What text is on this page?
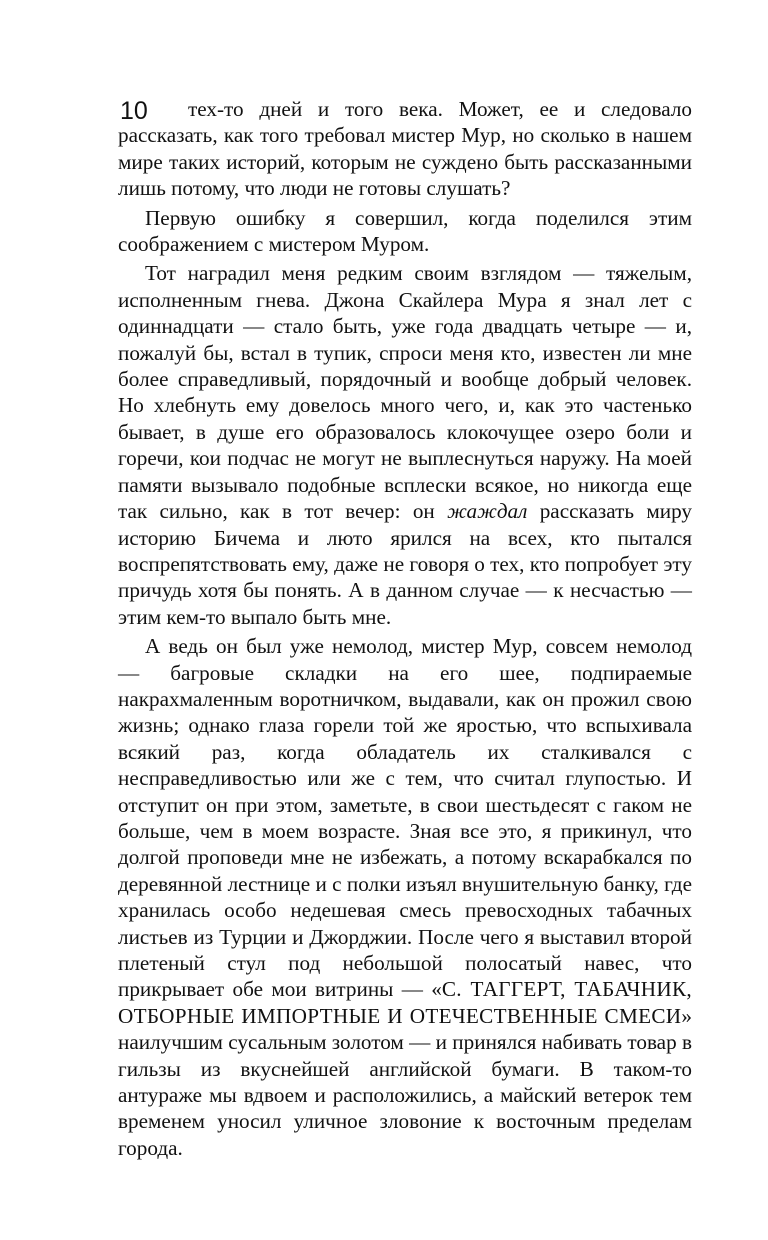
10	тех-то дней и того века. Может, ее и следовало рассказать, как того требовал мистер Мур, но сколько в нашем мире таких историй, которым не суждено быть рассказанными лишь потому, что люди не готовы слушать?

Первую ошибку я совершил, когда поделился этим соображением с мистером Муром.

Тот наградил меня редким своим взглядом — тяжелым, исполненным гнева. Джона Скайлера Мура я знал лет с одиннадцати — стало быть, уже года двадцать четыре — и, пожалуй бы, встал в тупик, спроси меня кто, известен ли мне более справедливый, порядочный и вообще добрый человек. Но хлебнуть ему довелось много чего, и, как это частенько бывает, в душе его образовалось клокочущее озеро боли и горечи, кои подчас не могут не выплеснуться наружу. На моей памяти вызывало подобные всплески всякое, но никогда еще так сильно, как в тот вечер: он жаждал рассказать миру историю Бичема и люто ярился на всех, кто пытался воспрепятствовать ему, даже не говоря о тех, кто попробует эту причудь хотя бы понять. А в данном случае — к несчастью — этим кем-то выпало быть мне.

А ведь он был уже немолод, мистер Мур, совсем немолод — багровые складки на его шее, подпираемые накрахмаленным воротничком, выдавали, как он прожил свою жизнь; однако глаза горели той же яростью, что вспыхивала всякий раз, когда обладатель их сталкивался с несправедливостью или же с тем, что считал глупостью. И отступит он при этом, заметьте, в свои шестьдесят с гаком не больше, чем в моем возрасте. Зная все это, я прикинул, что долгой проповеди мне не избежать, а потому вскарабкался по деревянной лестнице и с полки изъял внушительную банку, где хранилась особо недешевая смесь превосходных табачных листьев из Турции и Джорджии. После чего я выставил второй плетеный стул под небольшой полосатый навес, что прикрывает обе мои витрины — «С. ТАГГЕРТ, ТАБАЧНИК, ОТБОРНЫЕ ИМПОРТНЫЕ И ОТЕЧЕСТВЕННЫЕ СМЕСИ» наилучшим сусальным золотом — и принялся набивать товар в гильзы из вкуснейшей английской бумаги. В таком-то антураже мы вдвоем и расположились, а майский ветерок тем временем уносил уличное зловоние к восточным пределам города.
